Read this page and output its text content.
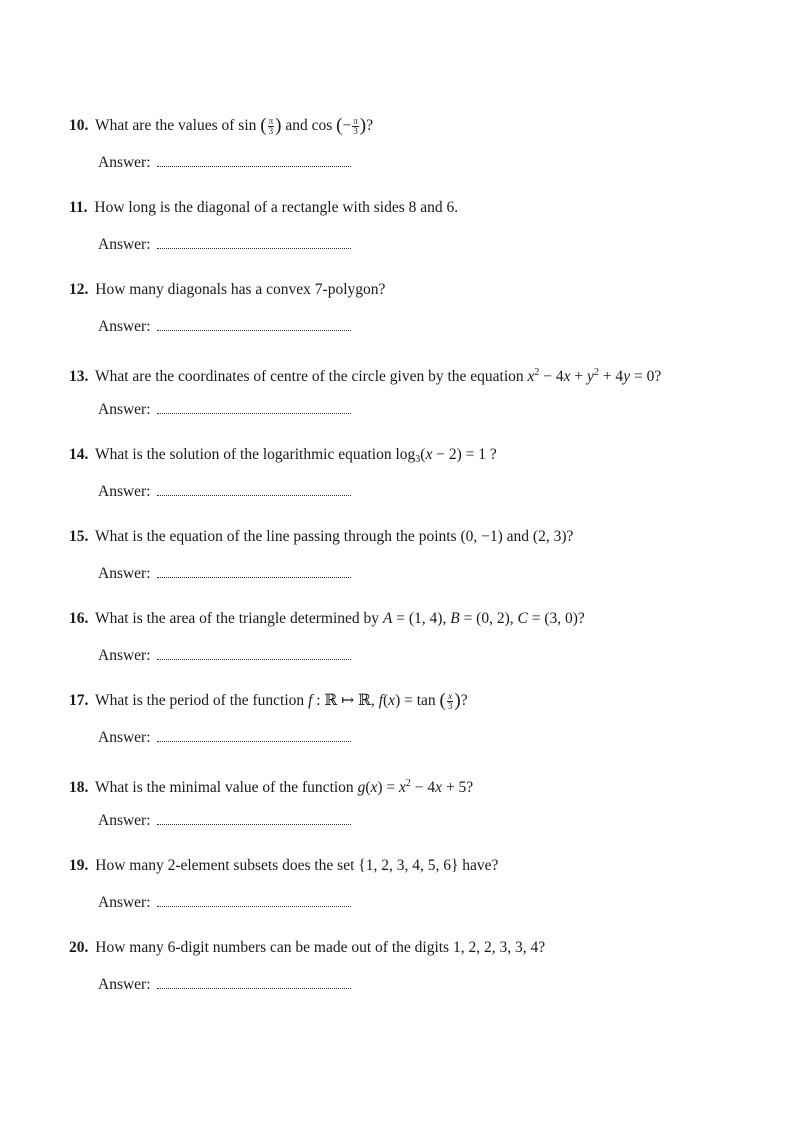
10. What are the values of sin ( $\frac{\pi}{3}$ ) and cos (− $\frac{\pi}{3}$ )?
Answer:
11. How long is the diagonal of a rectangle with sides 8 and 6.
Answer:
12. How many diagonals has a convex 7-polygon?
Answer:
13. What are the coordinates of centre of the circle given by the equation $x^2 - 4x + y^2 + 4y = 0$?
Answer:
14. What is the solution of the logarithmic equation $\log_3(x - 2) = 1$ ?
Answer:
15. What is the equation of the line passing through the points (0, −1) and (2, 3)?
Answer:
16. What is the area of the triangle determined by A = (1, 4), B = (0, 2), C = (3, 0)?
Answer:
17. What is the period of the function f : ℝ ↦ ℝ, f(x) = tan ( $\frac{x}{3}$ )?
Answer:
18. What is the minimal value of the function $g(x) = x^2 - 4x + 5$?
Answer:
19. How many 2-element subsets does the set {1, 2, 3, 4, 5, 6} have?
Answer:
20. How many 6-digit numbers can be made out of the digits 1, 2, 2, 3, 3, 4?
Answer:
